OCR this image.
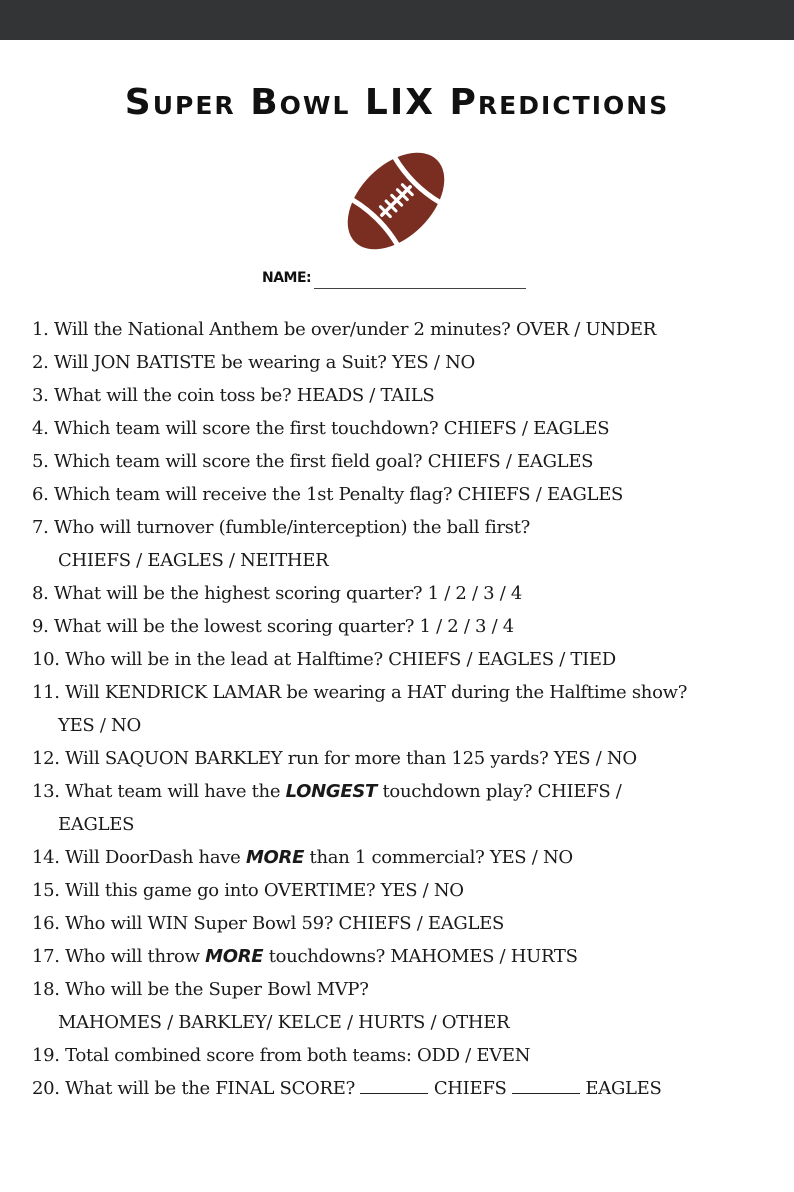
Super Bowl LIX Predictions
NAME:
1. Will the National Anthem be over/under 2 minutes? OVER / UNDER
2. Will JON BATISTE be wearing a Suit? YES / NO
3. What will the coin toss be? HEADS / TAILS
4. Which team will score the first touchdown? CHIEFS / EAGLES
5. Which team will score the first field goal? CHIEFS / EAGLES
6. Which team will receive the 1st Penalty flag? CHIEFS / EAGLES
7. Who will turnover (fumble/interception) the ball first?
CHIEFS / EAGLES / NEITHER
8. What will be the highest scoring quarter? 1 / 2 / 3 / 4
9. What will be the lowest scoring quarter? 1 / 2 / 3 / 4
10. Who will be in the lead at Halftime? CHIEFS / EAGLES / TIED
11. Will KENDRICK LAMAR be wearing a HAT during the Halftime show?
YES / NO
12. Will SAQUON BARKLEY run for more than 125 yards? YES / NO
13. What team will have the LONGEST touchdown play? CHIEFS /
EAGLES
14. Will DoorDash have MORE than 1 commercial? YES / NO
15. Will this game go into OVERTIME? YES / NO
16. Who will WIN Super Bowl 59? CHIEFS / EAGLES
17. Who will throw MORE touchdowns? MAHOMES / HURTS
18. Who will be the Super Bowl MVP?
MAHOMES / BARKLEY/ KELCE / HURTS / OTHER
19. Total combined score from both teams: ODD / EVEN
20. What will be the FINAL SCORE?	CHIEFS	EAGLES
